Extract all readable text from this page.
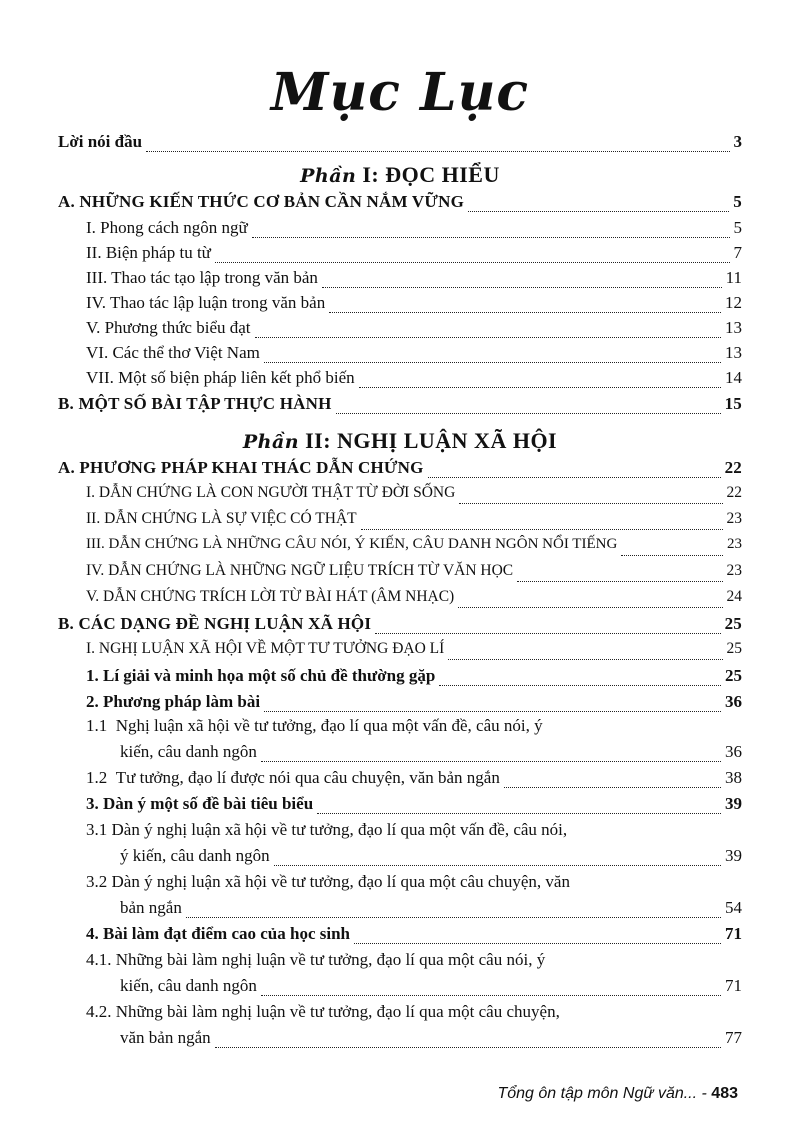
Mục Lục
Lời nói đầu	3
Phần I: ĐỌC HIỂU
A. NHỮNG KIẾN THỨC CƠ BẢN CẦN NẮM VỮNG	5
I. Phong cách ngôn ngữ	5
II. Biện pháp tu từ	7
III. Thao tác tạo lập trong văn bản	11
IV. Thao tác lập luận trong văn bản	12
V. Phương thức biểu đạt	13
VI. Các thể thơ Việt Nam	13
VII. Một số biện pháp liên kết phổ biến	14
B. MỘT SỐ BÀI TẬP THỰC HÀNH	15
Phần II: NGHỊ LUẬN XÃ HỘI
A. PHƯƠNG PHÁP KHAI THÁC DẪN CHỨNG	22
I. DẪN CHỨNG LÀ CON NGƯỜI THẬT TỪ ĐỜI SỐNG	22
II. DẪN CHỨNG LÀ SỰ VIỆC CÓ THẬT	23
III. DẪN CHỨNG LÀ NHỮNG CÂU NÓI, Ý KIẾN, CÂU DANH NGÔN NỔI TIẾNG	23
IV. DẪN CHỨNG LÀ NHỮNG NGỮ LIỆU TRÍCH TỪ VĂN HỌC	23
V. DẪN CHỨNG TRÍCH LỜI TỪ BÀI HÁT (ÂM NHẠC)	24
B. CÁC DẠNG ĐỀ NGHỊ LUẬN XÃ HỘI	25
I. NGHỊ LUẬN XÃ HỘI VỀ MỘT TƯ TƯỞNG ĐẠO LÍ	25
1. Lí giải và minh họa một số chủ đề thường gặp	25
2. Phương pháp làm bài	36
1.1 Nghị luận xã hội về tư tưởng, đạo lí qua một vấn đề, câu nói, ý
kiến, câu danh ngôn	36
1.2 Tư tưởng, đạo lí được nói qua câu chuyện, văn bản ngắn	38
3. Dàn ý một số đề bài tiêu biểu	39
3.1 Dàn ý nghị luận xã hội về tư tưởng, đạo lí qua một vấn đề, câu nói,
ý kiến, câu danh ngôn	39
3.2 Dàn ý nghị luận xã hội về tư tưởng, đạo lí qua một câu chuyện, văn
bản ngắn	54
4. Bài làm đạt điểm cao của học sinh	71
4.1. Những bài làm nghị luận về tư tưởng, đạo lí qua một câu nói, ý
kiến, câu danh ngôn	71
4.2. Những bài làm nghị luận về tư tưởng, đạo lí qua một câu chuyện,
văn bản ngắn	77
Tổng ôn tập môn Ngữ văn... - 483
